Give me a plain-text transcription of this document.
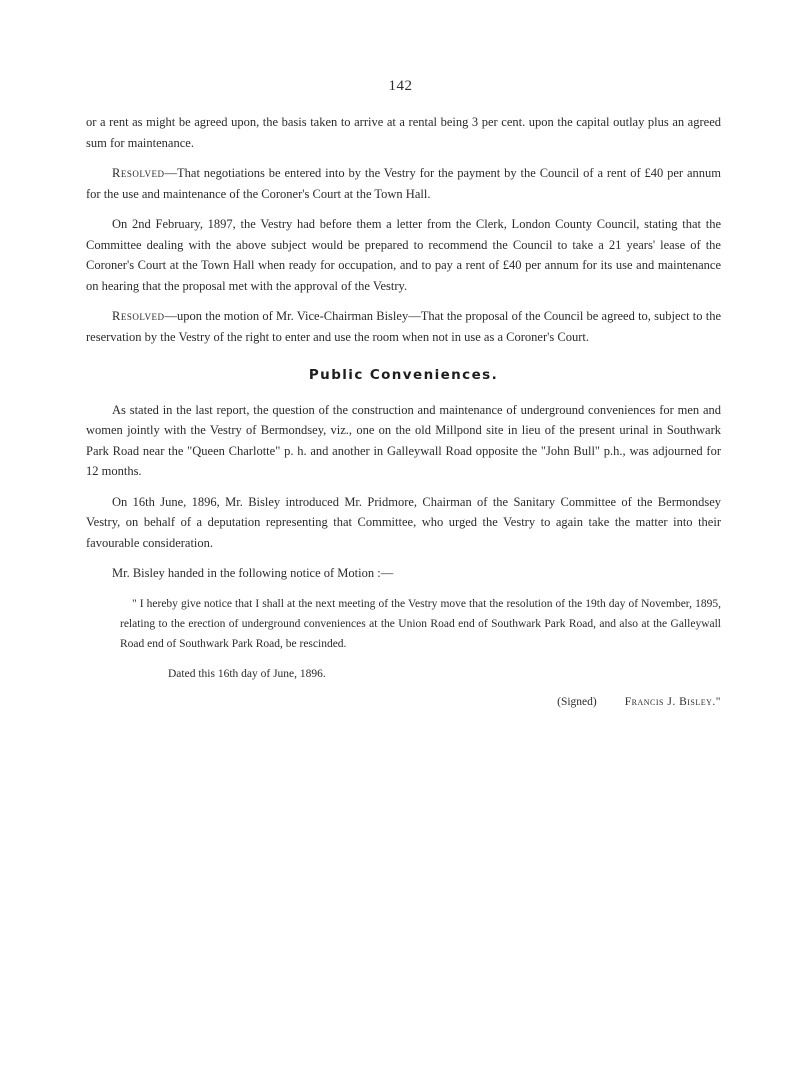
142

or a rent as might be agreed upon, the basis taken to arrive at a rental being 3 per cent. upon the capital outlay plus an agreed sum for maintenance.

Resolved—That negotiations be entered into by the Vestry for the payment by the Council of a rent of £40 per annum for the use and maintenance of the Coroner's Court at the Town Hall.

On 2nd February, 1897, the Vestry had before them a letter from the Clerk, London County Council, stating that the Committee dealing with the above subject would be prepared to recommend the Council to take a 21 years' lease of the Coroner's Court at the Town Hall when ready for occupation, and to pay a rent of £40 per annum for its use and maintenance on hearing that the proposal met with the approval of the Vestry.

Resolved—upon the motion of Mr. Vice-Chairman Bisley—That the proposal of the Council be agreed to, subject to the reservation by the Vestry of the right to enter and use the room when not in use as a Coroner's Court.

Public Conveniences.

As stated in the last report, the question of the construction and maintenance of underground conveniences for men and women jointly with the Vestry of Bermondsey, viz., one on the old Millpond site in lieu of the present urinal in Southwark Park Road near the "Queen Charlotte" p. h. and another in Galleywall Road opposite the "John Bull" p.h., was adjourned for 12 months.

On 16th June, 1896, Mr. Bisley introduced Mr. Pridmore, Chairman of the Sanitary Committee of the Bermondsey Vestry, on behalf of a deputation representing that Committee, who urged the Vestry to again take the matter into their favourable consideration.

Mr. Bisley handed in the following notice of Motion :—

" I hereby give notice that I shall at the next meeting of the Vestry move that the resolution of the 19th day of November, 1895, relating to the erection of underground conveniences at the Union Road end of Southwark Park Road, and also at the Galleywall Road end of Southwark Park Road, be rescinded.

Dated this 16th day of June, 1896.
(Signed) Francis J. Bisley."
